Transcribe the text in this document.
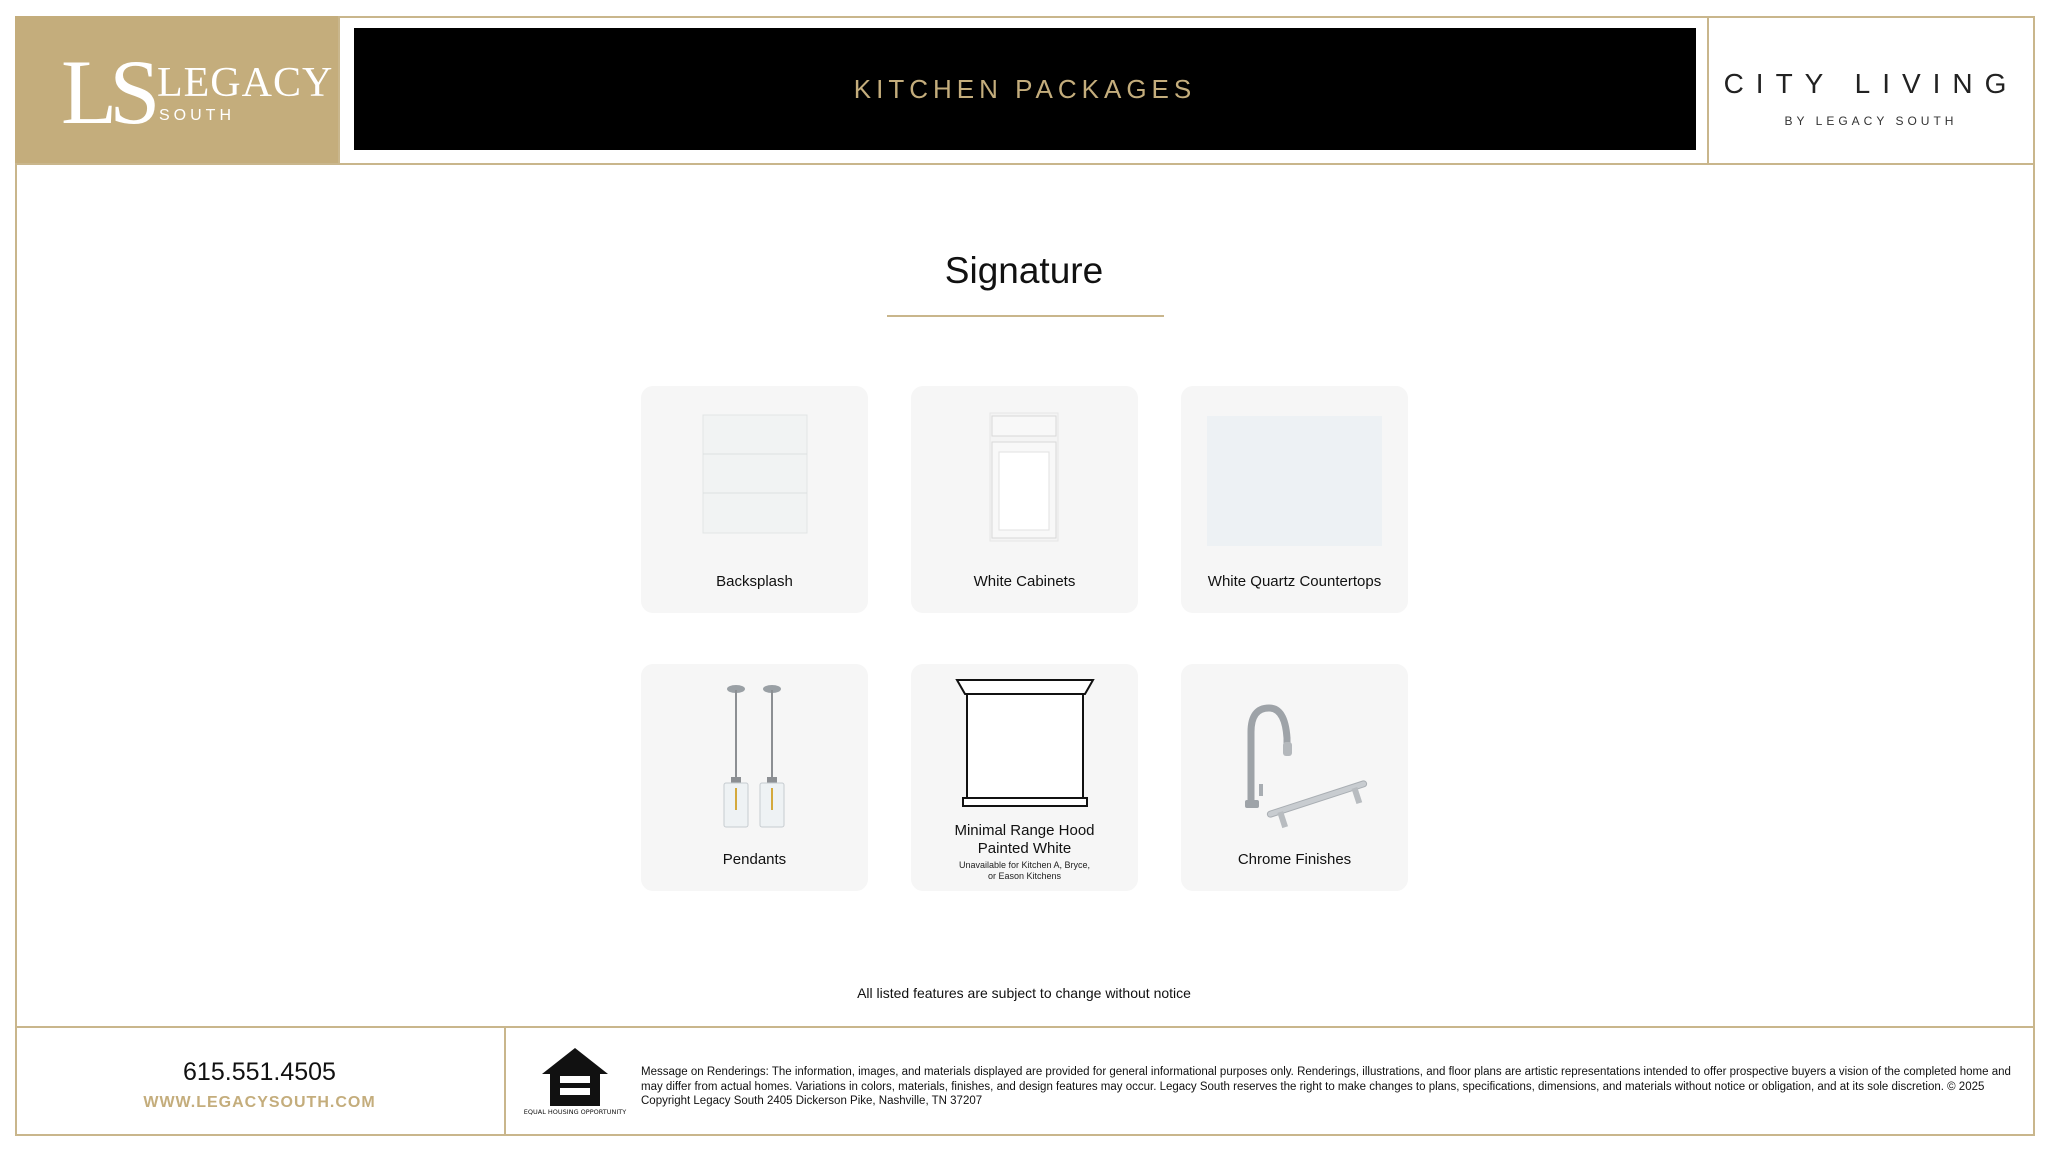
LS LEGACY
SOUTH
KITCHEN PACKAGES	CITY LIVING
BY LEGACY SOUTH
Signature
Backsplash	White Cabinets	White Quartz Countertops
Pendants
Minimal Range Hood
Painted White
Unavailable for Kitchen A, Bryce,
or Eason Kitchens
Chrome Finishes
All listed features are subject to change without notice
615.551.4505
WWW.LEGACYSOUTH.COM
EQUAL HOUSING OPPORTUNITY
Message on Renderings: The information, images, and materials displayed are provided for general informational purposes only. Renderings, illustrations, and floor plans are artistic representations intended to offer prospective buyers a vision of the completed home and may differ from actual homes. Variations in colors, materials, finishes, and design features may occur. Legacy South reserves the right to make changes to plans, specifications, dimensions, and materials without notice or obligation, and at its sole discretion. © 2025 Copyright Legacy South 2405 Dickerson Pike, Nashville, TN 37207
